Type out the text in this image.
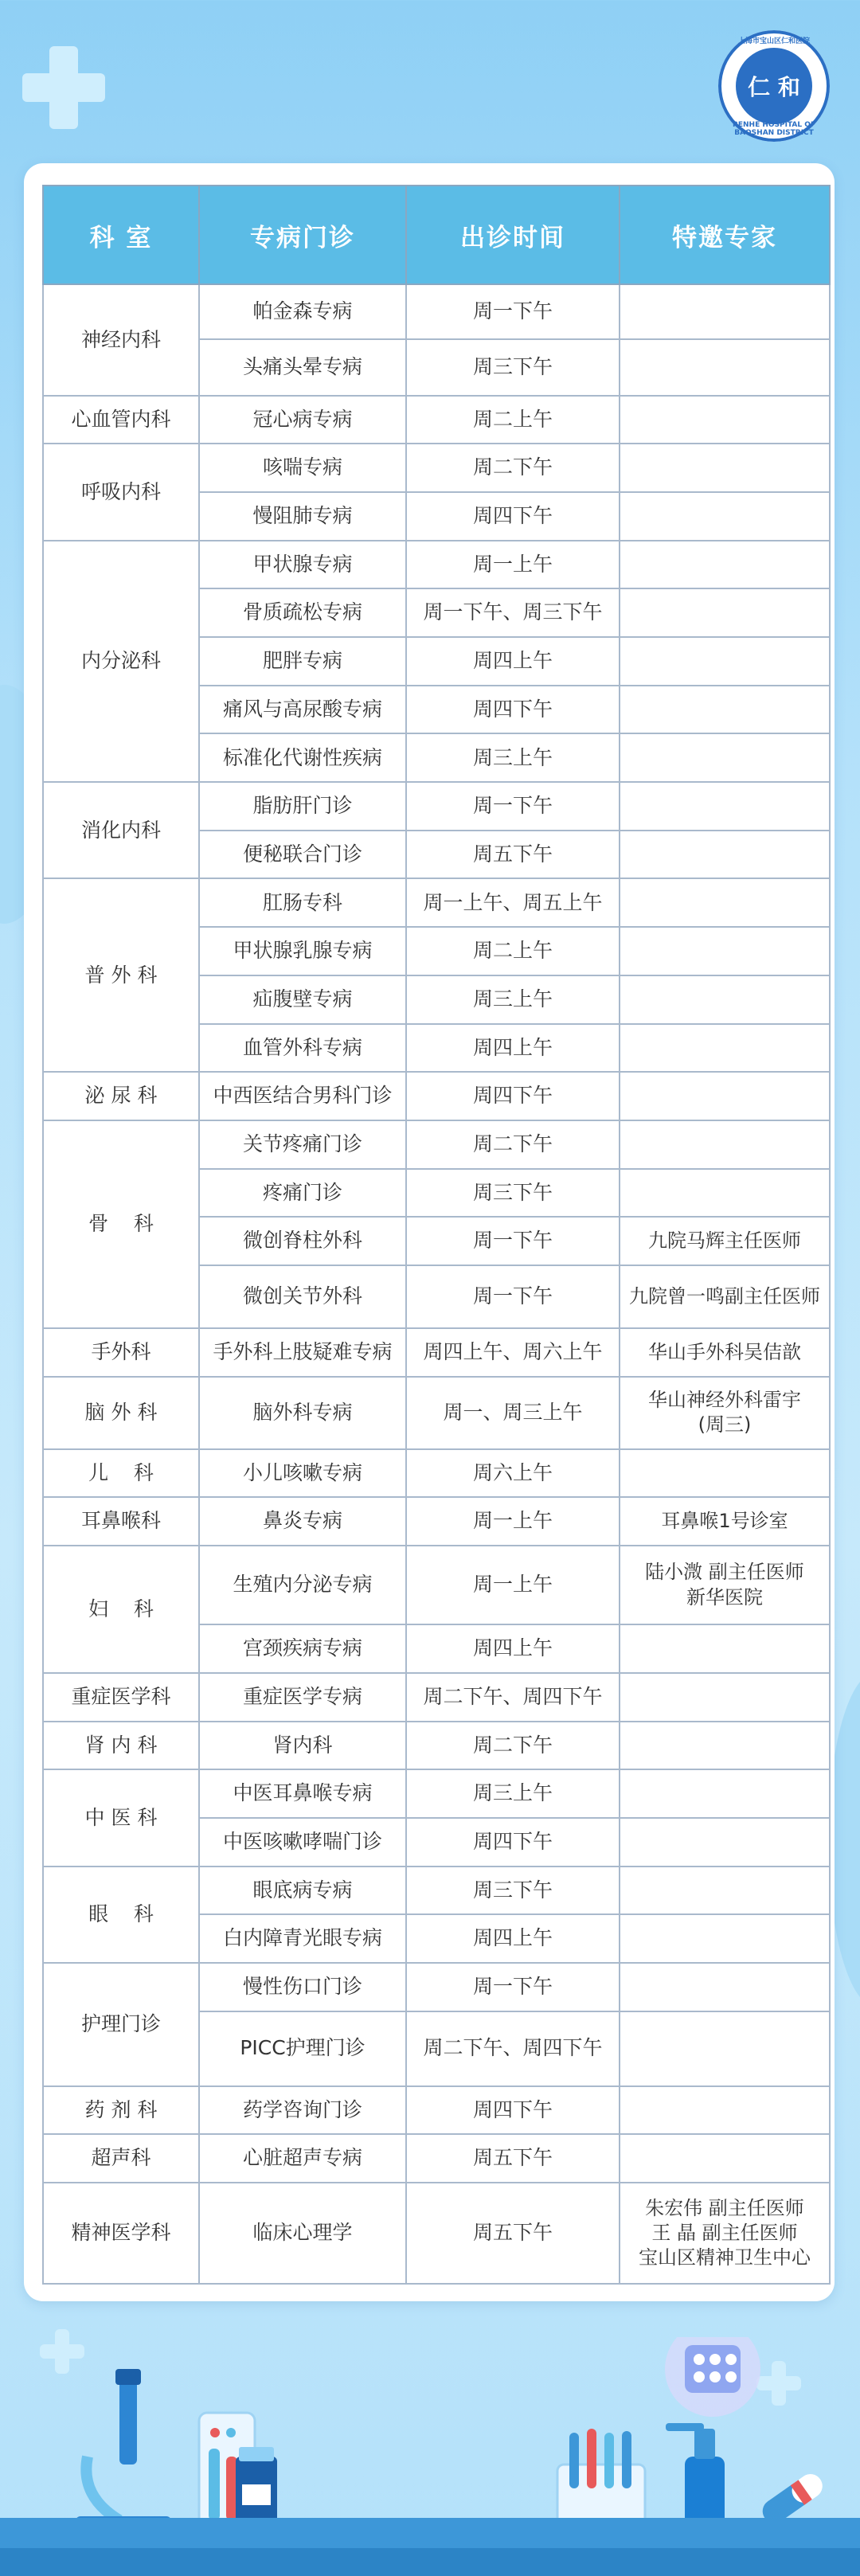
上海市宝山区仁和医院
仁 和
RENHE HOSPITAL OF BAOSHAN DISTRICT
科 室	专病门诊	出诊时间	特邀专家
神经内科	帕金森专病	周一下午	
	头痛头晕专病	周三下午	
心血管内科	冠心病专病	周二上午	
呼吸内科	咳喘专病	周二下午	
	慢阻肺专病	周四下午	
内分泌科	甲状腺专病	周一上午	
	骨质疏松专病	周一下午、周三下午	
	肥胖专病	周四上午	
	痛风与高尿酸专病	周四下午	
	标准化代谢性疾病	周三上午	
消化内科	脂肪肝门诊	周一下午	
	便秘联合门诊	周五下午	
普 外 科	肛肠专科	周一上午、周五上午	
	甲状腺乳腺专病	周二上午	
	疝腹壁专病	周三上午	
	血管外科专病	周四上午	
泌 尿 科	中西医结合男科门诊	周四下午	
骨    科	关节疼痛门诊	周二下午	
	疼痛门诊	周三下午	
	微创脊柱外科	周一下午	九院马辉主任医师
	微创关节外科	周一下午	九院曾一鸣副主任医师
手外科	手外科上肢疑难专病	周四上午、周六上午	华山手外科吴佶歆
脑 外 科	脑外科专病	周一、周三上午	华山神经外科雷宇
(周三)
儿    科	小儿咳嗽专病	周六上午	
耳鼻喉科	鼻炎专病	周一上午	耳鼻喉1号诊室
妇    科	生殖内分泌专病	周一上午	陆小溦 副主任医师
新华医院
	宫颈疾病专病	周四上午	
重症医学科	重症医学专病	周二下午、周四下午	
肾 内 科	肾内科	周二下午	
中 医 科	中医耳鼻喉专病	周三上午	
	中医咳嗽哮喘门诊	周四下午	
眼    科	眼底病专病	周三下午	
	白内障青光眼专病	周四上午	
护理门诊	慢性伤口门诊	周一下午	
	PICC护理门诊	周二下午、周四下午	
药 剂 科	药学咨询门诊	周四下午	
超声科	心脏超声专病	周五下午	
精神医学科	临床心理学	周五下午	朱宏伟 副主任医师
王 晶 副主任医师
宝山区精神卫生中心
